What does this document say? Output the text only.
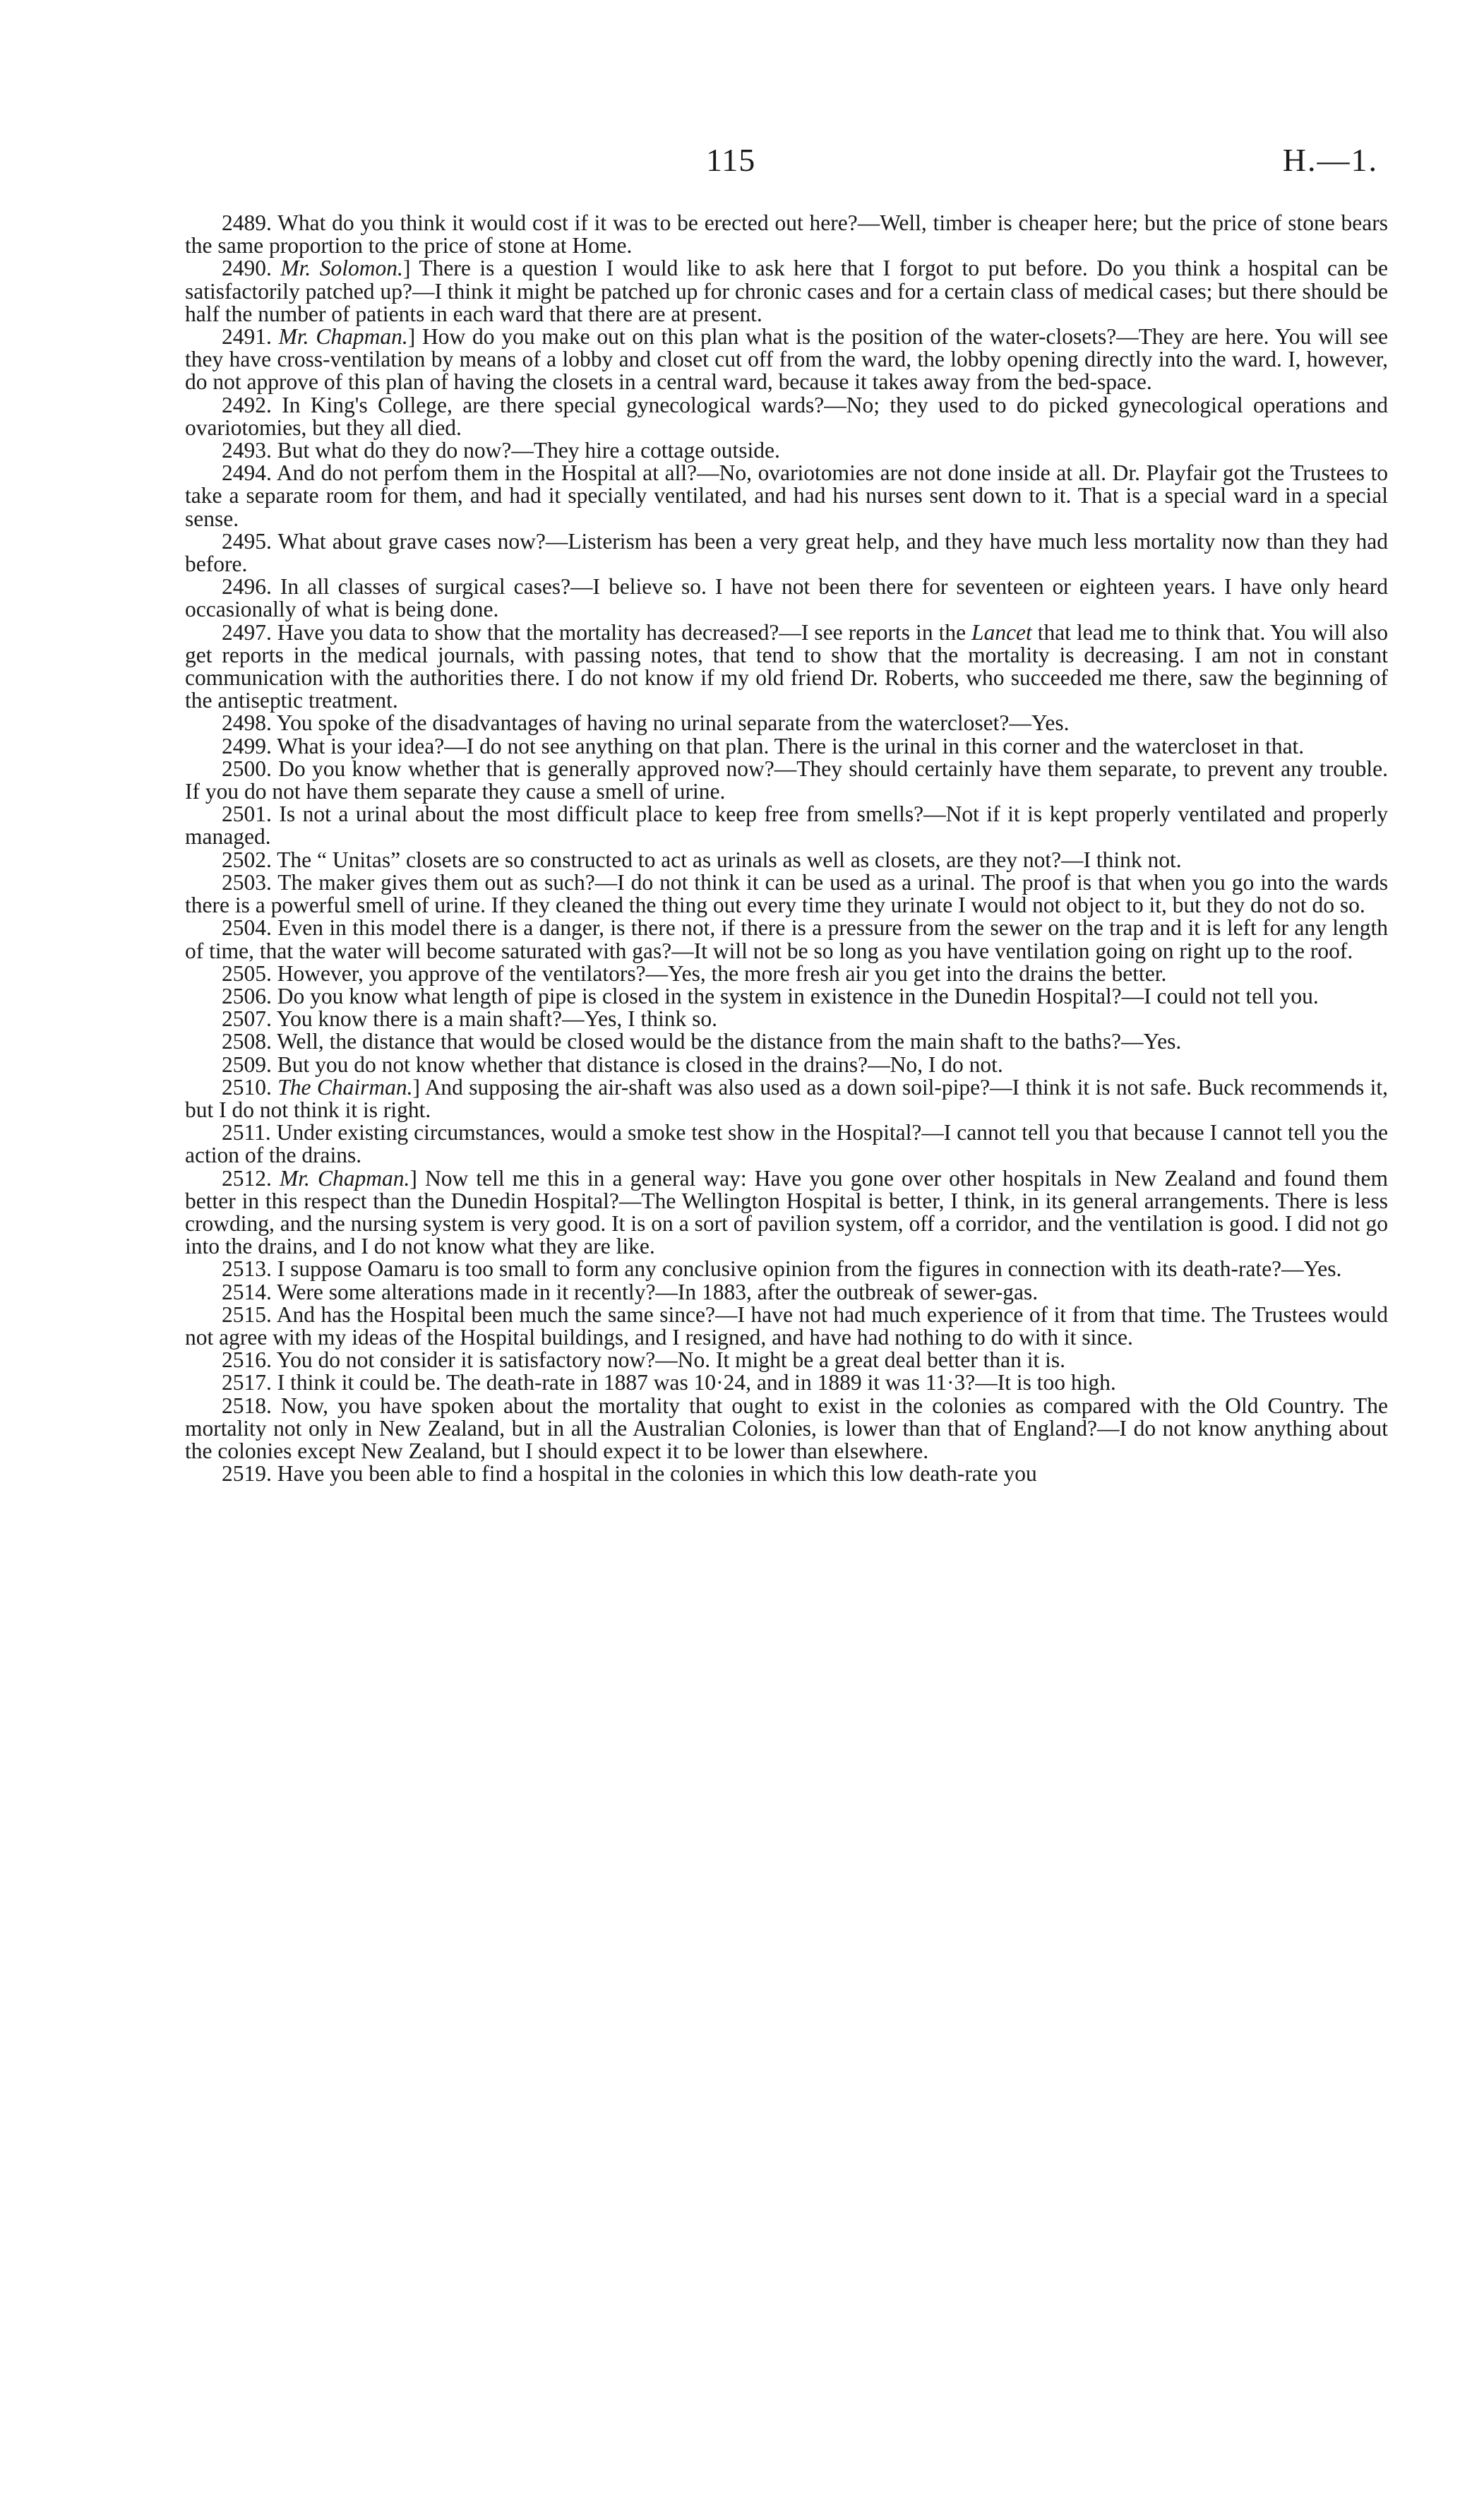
115	H.—1.

2489. What do you think it would cost if it was to be erected out here?—Well, timber is cheaper here; but the price of stone bears the same proportion to the price of stone at Home.

2490. Mr. Solomon.] There is a question I would like to ask here that I forgot to put before. Do you think a hospital can be satisfactorily patched up?—I think it might be patched up for chronic cases and for a certain class of medical cases; but there should be half the number of patients in each ward that there are at present.

2491. Mr. Chapman.] How do you make out on this plan what is the position of the water-closets?—They are here. You will see they have cross-ventilation by means of a lobby and closet cut off from the ward, the lobby opening directly into the ward. I, however, do not approve of this plan of having the closets in a central ward, because it takes away from the bed-space.

2492. In King's College, are there special gynecological wards?—No; they used to do picked gynecological operations and ovariotomies, but they all died.

2493. But what do they do now?—They hire a cottage outside.

2494. And do not perfom them in the Hospital at all?—No, ovariotomies are not done inside at all. Dr. Playfair got the Trustees to take a separate room for them, and had it specially ventilated, and had his nurses sent down to it. That is a special ward in a special sense.

2495. What about grave cases now?—Listerism has been a very great help, and they have much less mortality now than they had before.

2496. In all classes of surgical cases?—I believe so. I have not been there for seventeen or eighteen years. I have only heard occasionally of what is being done.

2497. Have you data to show that the mortality has decreased?—I see reports in the Lancet that lead me to think that. You will also get reports in the medical journals, with passing notes, that tend to show that the mortality is decreasing. I am not in constant communication with the authorities there. I do not know if my old friend Dr. Roberts, who succeeded me there, saw the beginning of the antiseptic treatment.

2498. You spoke of the disadvantages of having no urinal separate from the watercloset?—Yes.

2499. What is your idea?—I do not see anything on that plan. There is the urinal in this corner and the watercloset in that.

2500. Do you know whether that is generally approved now?—They should certainly have them separate, to prevent any trouble. If you do not have them separate they cause a smell of urine.

2501. Is not a urinal about the most difficult place to keep free from smells?—Not if it is kept properly ventilated and properly managed.

2502. The “ Unitas” closets are so constructed to act as urinals as well as closets, are they not?—I think not.

2503. The maker gives them out as such?—I do not think it can be used as a urinal. The proof is that when you go into the wards there is a powerful smell of urine. If they cleaned the thing out every time they urinate I would not object to it, but they do not do so.

2504. Even in this model there is a danger, is there not, if there is a pressure from the sewer on the trap and it is left for any length of time, that the water will become saturated with gas?—It will not be so long as you have ventilation going on right up to the roof.

2505. However, you approve of the ventilators?—Yes, the more fresh air you get into the drains the better.

2506. Do you know what length of pipe is closed in the system in existence in the Dunedin Hospital?—I could not tell you.

2507. You know there is a main shaft?—Yes, I think so.

2508. Well, the distance that would be closed would be the distance from the main shaft to the baths?—Yes.

2509. But you do not know whether that distance is closed in the drains?—No, I do not.

2510. The Chairman.] And supposing the air-shaft was also used as a down soil-pipe?—I think it is not safe. Buck recommends it, but I do not think it is right.

2511. Under existing circumstances, would a smoke test show in the Hospital?—I cannot tell you that because I cannot tell you the action of the drains.

2512. Mr. Chapman.] Now tell me this in a general way: Have you gone over other hospitals in New Zealand and found them better in this respect than the Dunedin Hospital?—The Wellington Hospital is better, I think, in its general arrangements. There is less crowding, and the nursing system is very good. It is on a sort of pavilion system, off a corridor, and the ventilation is good. I did not go into the drains, and I do not know what they are like.

2513. I suppose Oamaru is too small to form any conclusive opinion from the figures in connection with its death-rate?—Yes.

2514. Were some alterations made in it recently?—In 1883, after the outbreak of sewer-gas.

2515. And has the Hospital been much the same since?—I have not had much experience of it from that time. The Trustees would not agree with my ideas of the Hospital buildings, and I resigned, and have had nothing to do with it since.

2516. You do not consider it is satisfactory now?—No. It might be a great deal better than it is.

2517. I think it could be. The death-rate in 1887 was 10·24, and in 1889 it was 11·3?—It is too high.

2518. Now, you have spoken about the mortality that ought to exist in the colonies as compared with the Old Country. The mortality not only in New Zealand, but in all the Australian Colonies, is lower than that of England?—I do not know anything about the colonies except New Zealand, but I should expect it to be lower than elsewhere.

2519. Have you been able to find a hospital in the colonies in which this low death-rate you
